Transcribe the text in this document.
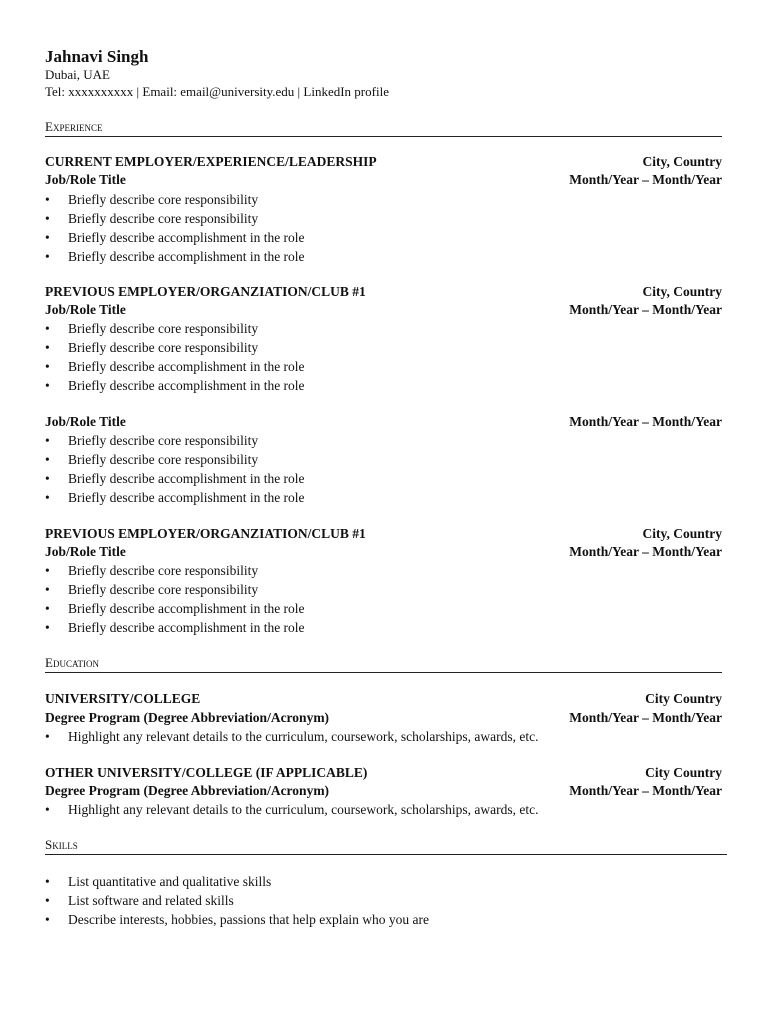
Jahnavi Singh
Dubai, UAE
Tel: xxxxxxxxxx | Email: email@university.edu | LinkedIn profile
Experience
CURRENT EMPLOYER/EXPERIENCE/LEADERSHIP	City, Country
Job/Role Title	Month/Year – Month/Year
• Briefly describe core responsibility
• Briefly describe core responsibility
• Briefly describe accomplishment in the role
• Briefly describe accomplishment in the role
PREVIOUS EMPLOYER/ORGANZIATION/CLUB #1	City, Country
Job/Role Title	Month/Year – Month/Year
• Briefly describe core responsibility
• Briefly describe core responsibility
• Briefly describe accomplishment in the role
• Briefly describe accomplishment in the role
Job/Role Title	Month/Year – Month/Year
• Briefly describe core responsibility
• Briefly describe core responsibility
• Briefly describe accomplishment in the role
• Briefly describe accomplishment in the role
PREVIOUS EMPLOYER/ORGANZIATION/CLUB #1	City, Country
Job/Role Title	Month/Year – Month/Year
• Briefly describe core responsibility
• Briefly describe core responsibility
• Briefly describe accomplishment in the role
• Briefly describe accomplishment in the role
Education
UNIVERSITY/COLLEGE	City Country
Degree Program (Degree Abbreviation/Acronym)	Month/Year – Month/Year
• Highlight any relevant details to the curriculum, coursework, scholarships, awards, etc.
OTHER UNIVERSITY/COLLEGE (IF APPLICABLE)	City Country
Degree Program (Degree Abbreviation/Acronym)	Month/Year – Month/Year
• Highlight any relevant details to the curriculum, coursework, scholarships, awards, etc.
Skills
• List quantitative and qualitative skills
• List software and related skills
• Describe interests, hobbies, passions that help explain who you are
